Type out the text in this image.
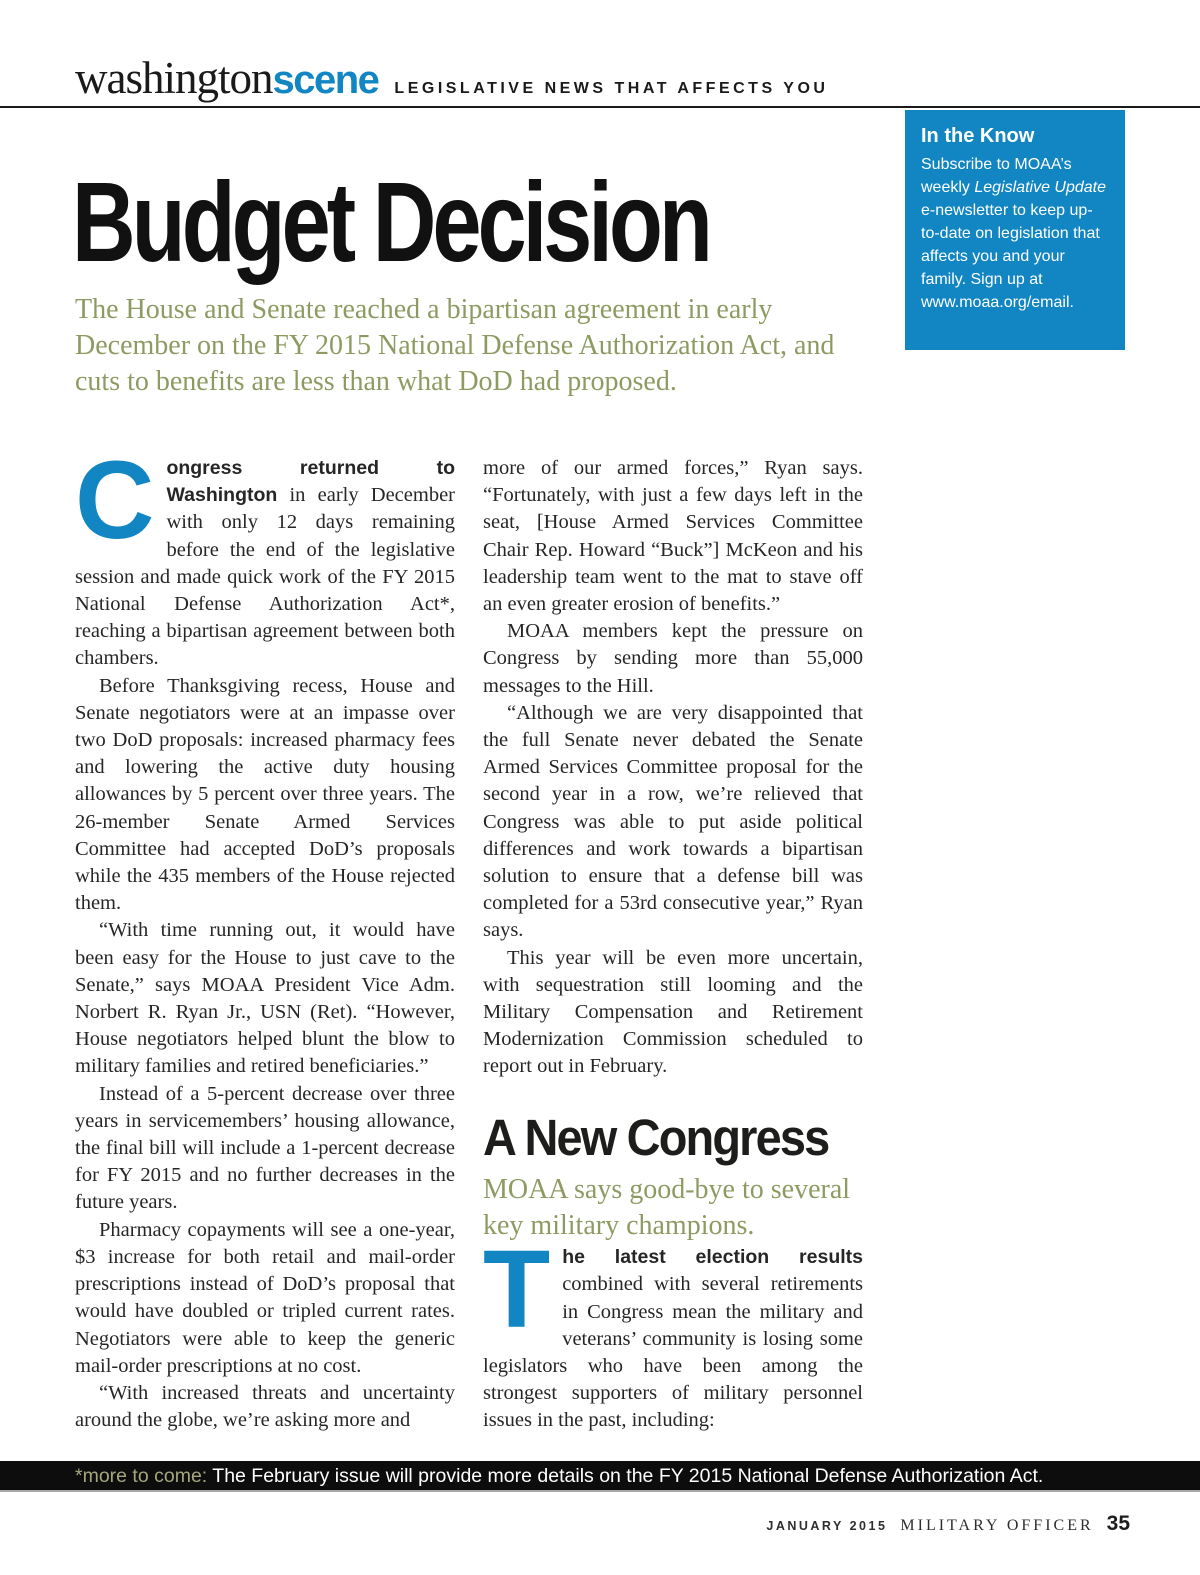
washingtonscene LEGISLATIVE NEWS THAT AFFECTS YOU

In the Know

Subscribe to MOAA’s weekly Legislative Update e-newsletter to keep up-to-date on legislation that affects you and your family. Sign up at www.moaa.org/email.

Budget Decision

The House and Senate reached a bipartisan agreement in early December on the FY 2015 National Defense Authorization Act, and cuts to benefits are less than what DoD had proposed.

Congress returned to Washington in early December with only 12 days remaining before the end of the legislative session and made quick work of the FY 2015 National Defense Authorization Act*, reaching a bipartisan agreement between both chambers.

Before Thanksgiving recess, House and Senate negotiators were at an impasse over two DoD proposals: increased pharmacy fees and lowering the active duty housing allowances by 5 percent over three years. The 26-member Senate Armed Services Committee had accepted DoD’s proposals while the 435 members of the House rejected them.

“With time running out, it would have been easy for the House to just cave to the Senate,” says MOAA President Vice Adm. Norbert R. Ryan Jr., USN (Ret). “However, House negotiators helped blunt the blow to military families and retired beneficiaries.”

Instead of a 5-percent decrease over three years in servicemembers’ housing allowance, the final bill will include a 1-percent decrease for FY 2015 and no further decreases in the future years.

Pharmacy copayments will see a one-year, $3 increase for both retail and mail-order prescriptions instead of DoD’s proposal that would have doubled or tripled current rates. Negotiators were able to keep the generic mail-order prescriptions at no cost.

“With increased threats and uncertainty around the globe, we’re asking more and

more of our armed forces,” Ryan says. “Fortunately, with just a few days left in the seat, [House Armed Services Committee Chair Rep. Howard “Buck”] McKeon and his leadership team went to the mat to stave off an even greater erosion of benefits.”

MOAA members kept the pressure on Congress by sending more than 55,000 messages to the Hill.

“Although we are very disappointed that the full Senate never debated the Senate Armed Services Committee proposal for the second year in a row, we’re relieved that Congress was able to put aside political differences and work towards a bipartisan solution to ensure that a defense bill was completed for a 53rd consecutive year,” Ryan says.

This year will be even more uncertain, with sequestration still looming and the Military Compensation and Retirement Modernization Commission scheduled to report out in February.

A New Congress

MOAA says good-bye to several key military champions.

The latest election results combined with several retirements in Congress mean the military and veterans’ community is losing some legislators who have been among the strongest supporters of military personnel issues in the past, including:

*more to come: The February issue will provide more details on the FY 2015 National Defense Authorization Act.
JANUARY 2015 MILITARY OFFICER 35
